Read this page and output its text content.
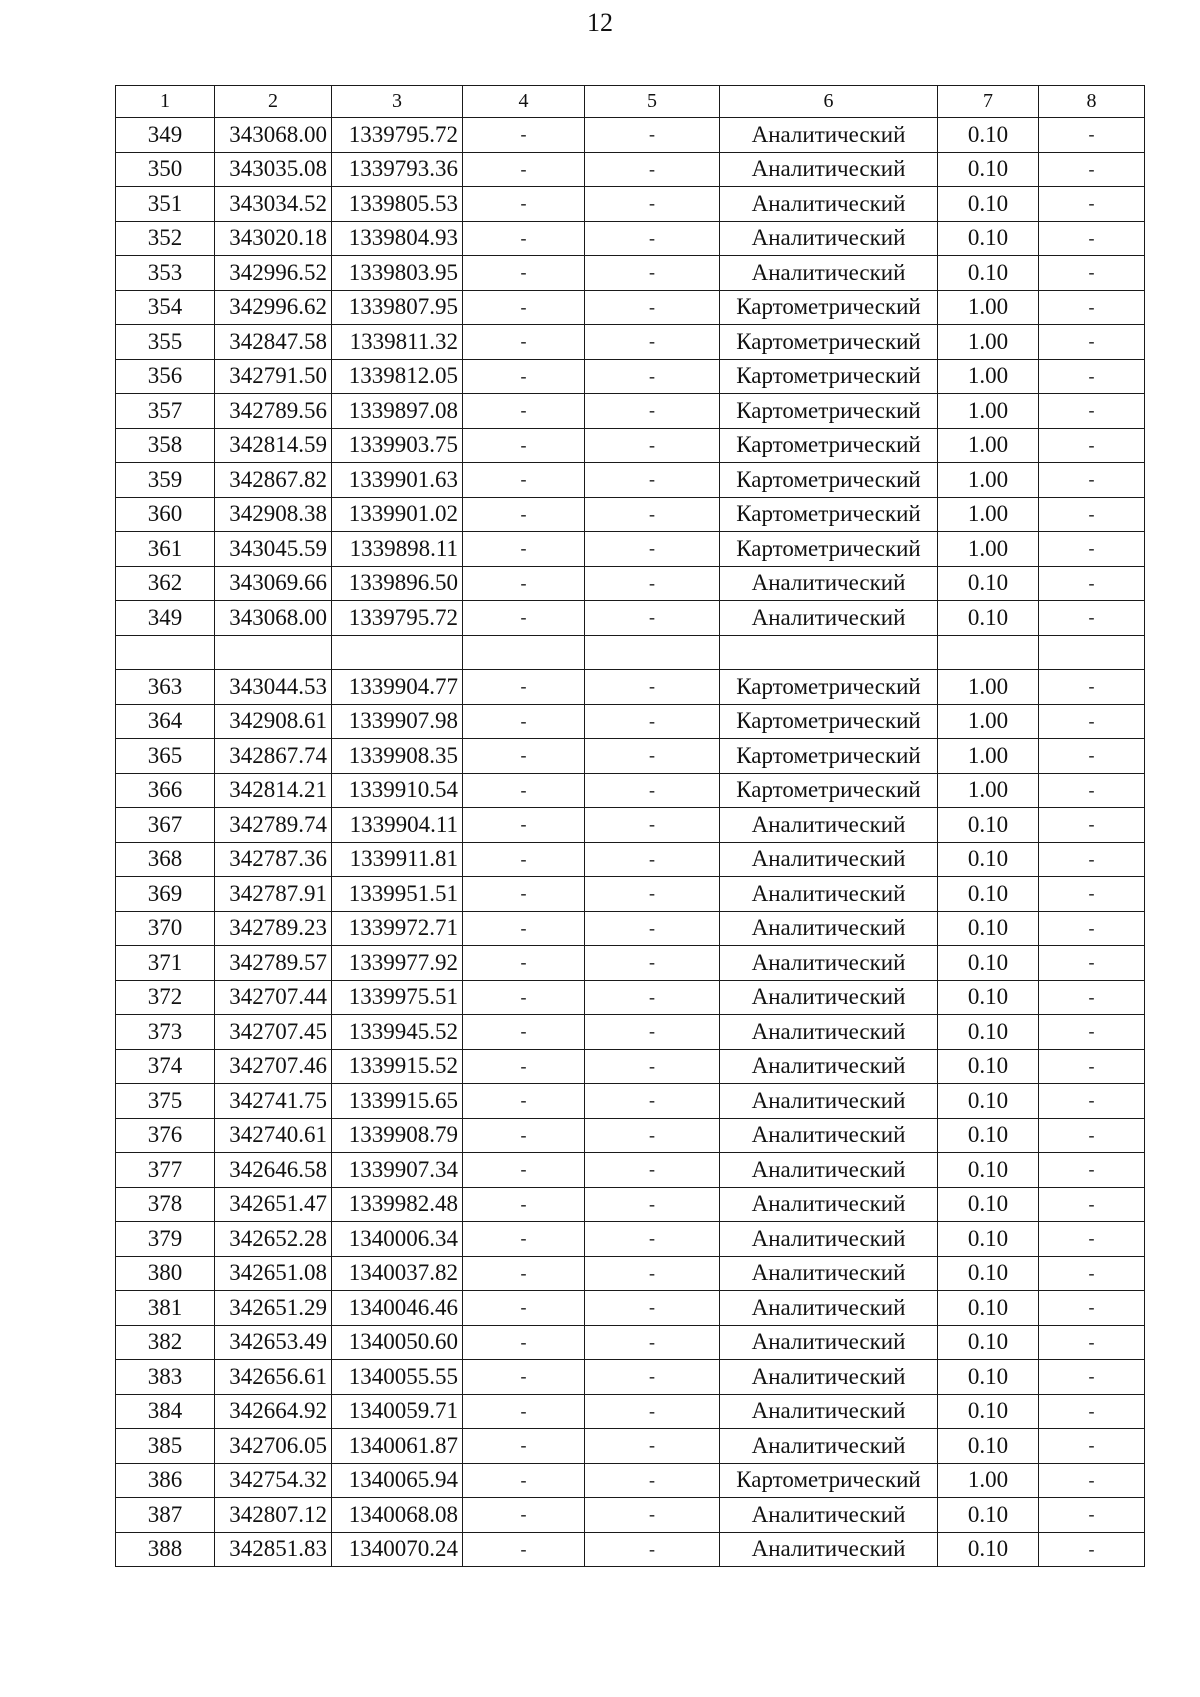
12
1	2	3	4	5	6	7	8
349	343068.00	1339795.72	-	-	Аналитический	0.10	-
350	343035.08	1339793.36	-	-	Аналитический	0.10	-
351	343034.52	1339805.53	-	-	Аналитический	0.10	-
352	343020.18	1339804.93	-	-	Аналитический	0.10	-
353	342996.52	1339803.95	-	-	Аналитический	0.10	-
354	342996.62	1339807.95	-	-	Картометрический	1.00	-
355	342847.58	1339811.32	-	-	Картометрический	1.00	-
356	342791.50	1339812.05	-	-	Картометрический	1.00	-
357	342789.56	1339897.08	-	-	Картометрический	1.00	-
358	342814.59	1339903.75	-	-	Картометрический	1.00	-
359	342867.82	1339901.63	-	-	Картометрический	1.00	-
360	342908.38	1339901.02	-	-	Картометрический	1.00	-
361	343045.59	1339898.11	-	-	Картометрический	1.00	-
362	343069.66	1339896.50	-	-	Аналитический	0.10	-
349	343068.00	1339795.72	-	-	Аналитический	0.10	-

363	343044.53	1339904.77	-	-	Картометрический	1.00	-
364	342908.61	1339907.98	-	-	Картометрический	1.00	-
365	342867.74	1339908.35	-	-	Картометрический	1.00	-
366	342814.21	1339910.54	-	-	Картометрический	1.00	-
367	342789.74	1339904.11	-	-	Аналитический	0.10	-
368	342787.36	1339911.81	-	-	Аналитический	0.10	-
369	342787.91	1339951.51	-	-	Аналитический	0.10	-
370	342789.23	1339972.71	-	-	Аналитический	0.10	-
371	342789.57	1339977.92	-	-	Аналитический	0.10	-
372	342707.44	1339975.51	-	-	Аналитический	0.10	-
373	342707.45	1339945.52	-	-	Аналитический	0.10	-
374	342707.46	1339915.52	-	-	Аналитический	0.10	-
375	342741.75	1339915.65	-	-	Аналитический	0.10	-
376	342740.61	1339908.79	-	-	Аналитический	0.10	-
377	342646.58	1339907.34	-	-	Аналитический	0.10	-
378	342651.47	1339982.48	-	-	Аналитический	0.10	-
379	342652.28	1340006.34	-	-	Аналитический	0.10	-
380	342651.08	1340037.82	-	-	Аналитический	0.10	-
381	342651.29	1340046.46	-	-	Аналитический	0.10	-
382	342653.49	1340050.60	-	-	Аналитический	0.10	-
383	342656.61	1340055.55	-	-	Аналитический	0.10	-
384	342664.92	1340059.71	-	-	Аналитический	0.10	-
385	342706.05	1340061.87	-	-	Аналитический	0.10	-
386	342754.32	1340065.94	-	-	Картометрический	1.00	-
387	342807.12	1340068.08	-	-	Аналитический	0.10	-
388	342851.83	1340070.24	-	-	Аналитический	0.10	-
